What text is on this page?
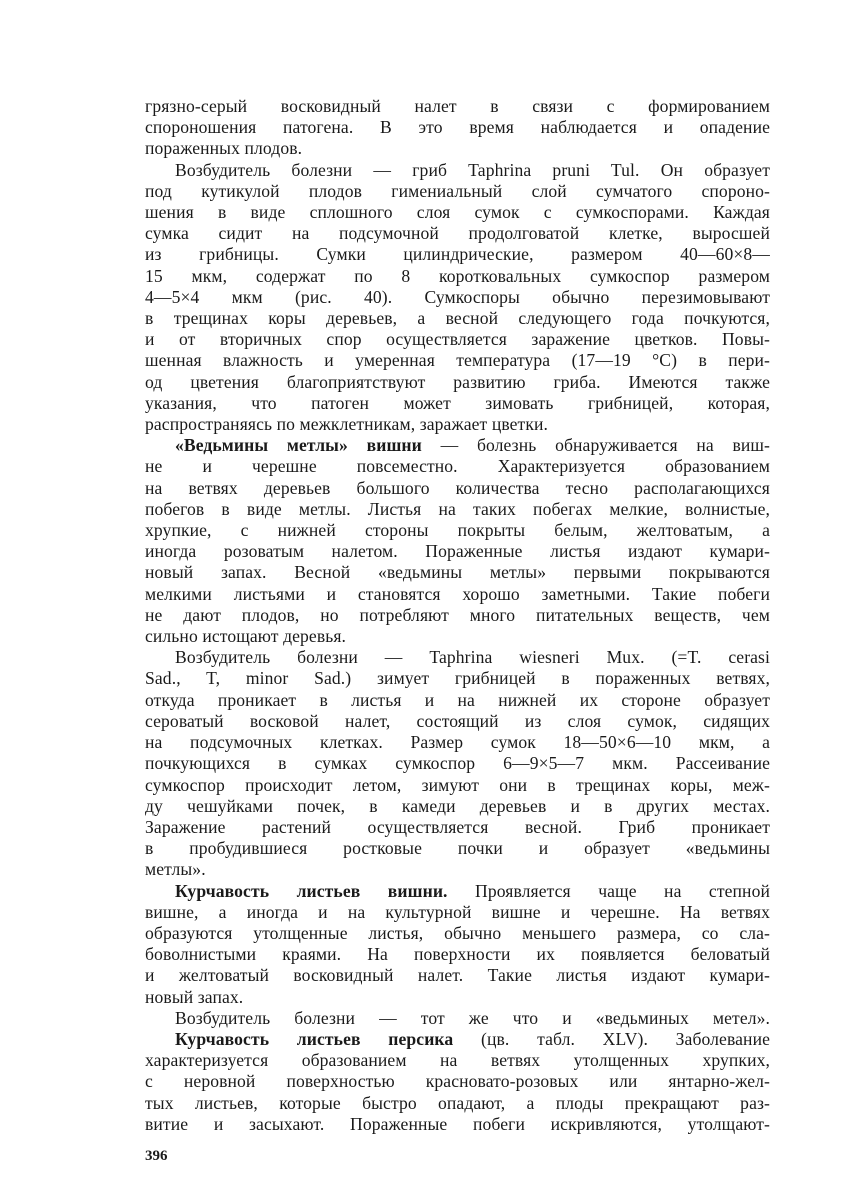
грязно-серый восковидный налет в связи с формированием
спороношения патогена. В это время наблюдается и опадение
пораженных плодов.

Возбудитель болезни — гриб Taphrina pruni Tul. Он образует
под кутикулой плодов гимениальный слой сумчатого спороно-
шения в виде сплошного слоя сумок с сумкоспорами. Каждая
сумка сидит на подсумочной продолговатой клетке, выросшей
из грибницы. Сумки цилиндрические, размером 40—60×8—
15 мкм, содержат по 8 коротковальных сумкоспор размером
4—5×4 мкм (рис. 40). Сумкоспоры обычно перезимовывают
в трещинах коры деревьев, а весной следующего года почкуются,
и от вторичных спор осуществляется заражение цветков. Повы-
шенная влажность и умеренная температура (17—19 °С) в пери-
од цветения благоприятствуют развитию гриба. Имеются также
указания, что патоген может зимовать грибницей, которая,
распространяясь по межклетникам, заражает цветки.

«Ведьмины метлы» вишни — болезнь обнаруживается на виш-
не и черешне повсеместно. Характеризуется образованием
на ветвях деревьев большого количества тесно располагающихся
побегов в виде метлы. Листья на таких побегах мелкие, волнистые,
хрупкие, с нижней стороны покрыты белым, желтоватым, а
иногда розоватым налетом. Пораженные листья издают кумари-
новый запах. Весной «ведьмины метлы» первыми покрываются
мелкими листьями и становятся хорошо заметными. Такие побеги
не дают плодов, но потребляют много питательных веществ, чем
сильно истощают деревья.

Возбудитель болезни — Taphrina wiesneri Mux. (=T. cerasi
Sad., T, minor Sad.) зимует грибницей в пораженных ветвях,
откуда проникает в листья и на нижней их стороне образует
сероватый восковой налет, состоящий из слоя сумок, сидящих
на подсумочных клетках. Размер сумок 18—50×6—10 мкм, а
почкующихся в сумках сумкоспор 6—9×5—7 мкм. Рассеивание
сумкоспор происходит летом, зимуют они в трещинах коры, меж-
ду чешуйками почек, в камеди деревьев и в других местах.
Заражение растений осуществляется весной. Гриб проникает
в пробудившиеся ростковые почки и образует «ведьмины
метлы».

Курчавость листьев вишни. Проявляется чаще на степной
вишне, а иногда и на культурной вишне и черешне. На ветвях
образуются утолщенные листья, обычно меньшего размера, со сла-
боволнистыми краями. На поверхности их появляется беловатый
и желтоватый восковидный налет. Такие листья издают кумари-
новый запах.

Возбудитель болезни — тот же что и «ведьминых метел».

Курчавость листьев персика (цв. табл. XLV). Заболевание
характеризуется образованием на ветвях утолщенных хрупких,
с неровной поверхностью красновато-розовых или янтарно-жел-
тых листьев, которые быстро опадают, а плоды прекращают раз-
витие и засыхают. Пораженные побеги искривляются, утолщают-

396
